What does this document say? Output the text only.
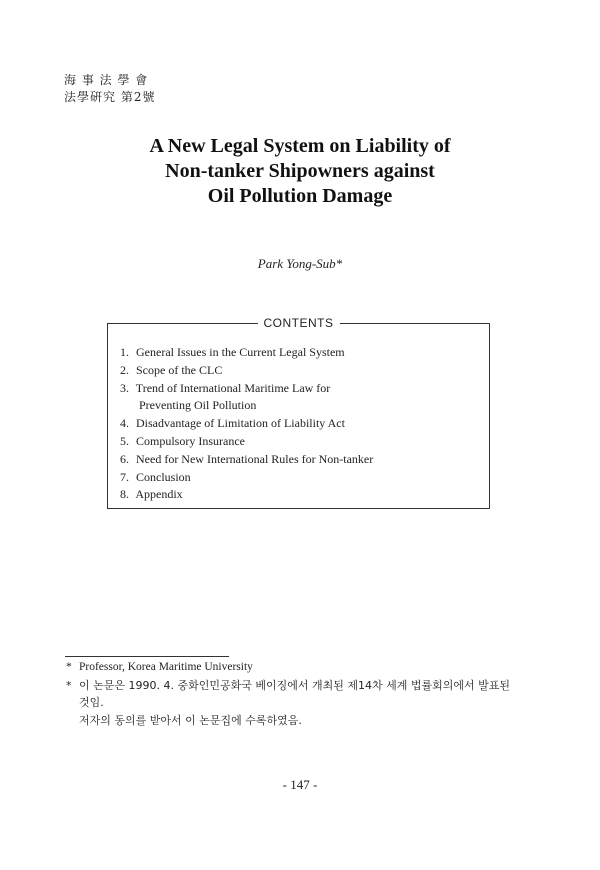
海 事 法 學 會
法學硏究 第2號
A New Legal System on Liability of
Non-tanker Shipowners against
Oil Pollution Damage
Park Yong-Sub*
CONTENTS
1. General Issues in the Current Legal System
2. Scope of the CLC
3. Trend of International Maritime Law for
Preventing Oil Pollution
4. Disadvantage of Limitation of Liability Act
5. Compulsory Insurance
6. Need for New International Rules for Non-tanker
7. Conclusion
8. Appendix
* Professor, Korea Maritime University
* 이 논문은 1990. 4. 중화인민공화국 베이징에서 개최된 제14차 세계 법률회의에서 발표된
것임.
저자의 동의를 받아서 이 논문집에 수록하였음.
- 147 -
